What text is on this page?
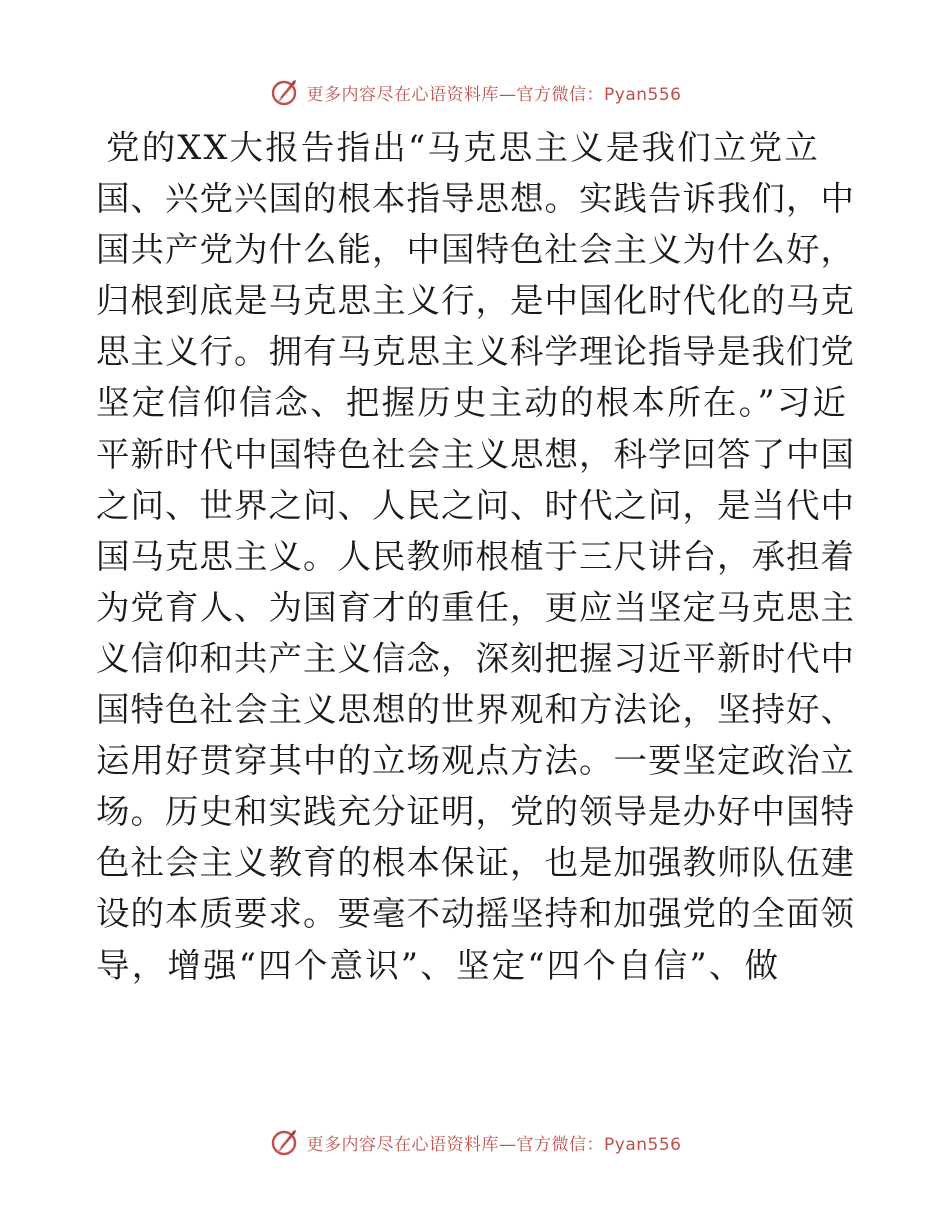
更多内容尽在心语资料库—官方微信：Pyan556
党的XX大报告指出“马克思主义是我们立党立
国、兴党兴国的根本指导思想。实践告诉我们，中
国共产党为什么能，中国特色社会主义为什么好，
归根到底是马克思主义行，是中国化时代化的马克
思主义行。拥有马克思主义科学理论指导是我们党
坚定信仰信念、把握历史主动的根本所在。”习近
平新时代中国特色社会主义思想，科学回答了中国
之问、世界之问、人民之问、时代之问，是当代中
国马克思主义。人民教师根植于三尺讲台，承担着
为党育人、为国育才的重任，更应当坚定马克思主
义信仰和共产主义信念，深刻把握习近平新时代中
国特色社会主义思想的世界观和方法论，坚持好、
运用好贯穿其中的立场观点方法。一要坚定政治立
场。历史和实践充分证明，党的领导是办好中国特
色社会主义教育的根本保证，也是加强教师队伍建
设的本质要求。要毫不动摇坚持和加强党的全面领
导，增强“四个意识”、坚定“四个自信”、做
更多内容尽在心语资料库—官方微信：Pyan556
